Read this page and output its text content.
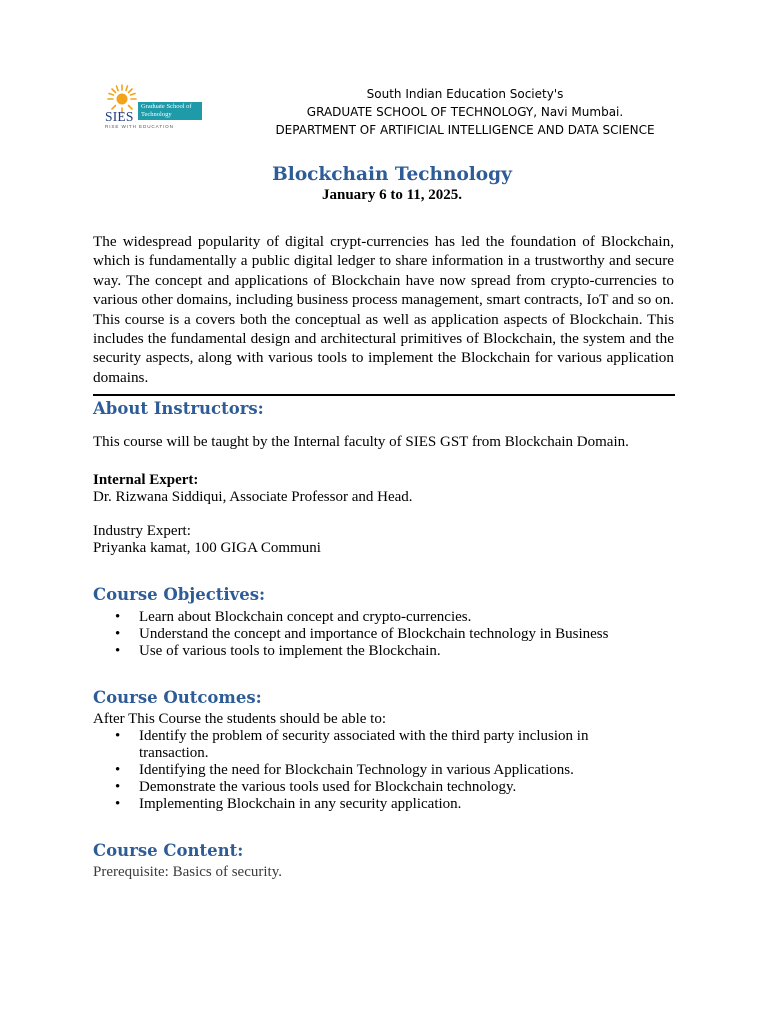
SIES
Graduate School of Technology
RISE WITH EDUCATION
South Indian Education Society's
GRADUATE SCHOOL OF TECHNOLOGY, Navi Mumbai.
DEPARTMENT OF ARTIFICIAL INTELLIGENCE AND DATA SCIENCE
Blockchain Technology
January 6 to 11, 2025.

The widespread popularity of digital crypt-currencies has led the foundation of Blockchain, which is fundamentally a public digital ledger to share information in a trustworthy and secure way. The concept and applications of Blockchain have now spread from crypto-currencies to various other domains, including business process management, smart contracts, IoT and so on. This course is a covers both the conceptual as well as application aspects of Blockchain. This includes the fundamental design and architectural primitives of Blockchain, the system and the security aspects, along with various tools to implement the Blockchain for various application domains.

About Instructors:

This course will be taught by the Internal faculty of SIES GST from Blockchain Domain.

Internal Expert:

Dr. Rizwana Siddiqui, Associate Professor and Head.

Industry Expert:

Priyanka kamat, 100 GIGA Communi

Course Objectives:
• Learn about Blockchain concept and crypto-currencies.
• Understand the concept and importance of Blockchain technology in Business
• Use of various tools to implement the Blockchain.
Course Outcomes:

After This Course the students should be able to:

• Identify the problem of security associated with the third party inclusion in transaction.
• Identifying the need for Blockchain Technology in various Applications.
• Demonstrate the various tools used for Blockchain technology.
• Implementing Blockchain in any security application.
Course Content:

Prerequisite: Basics of security.
